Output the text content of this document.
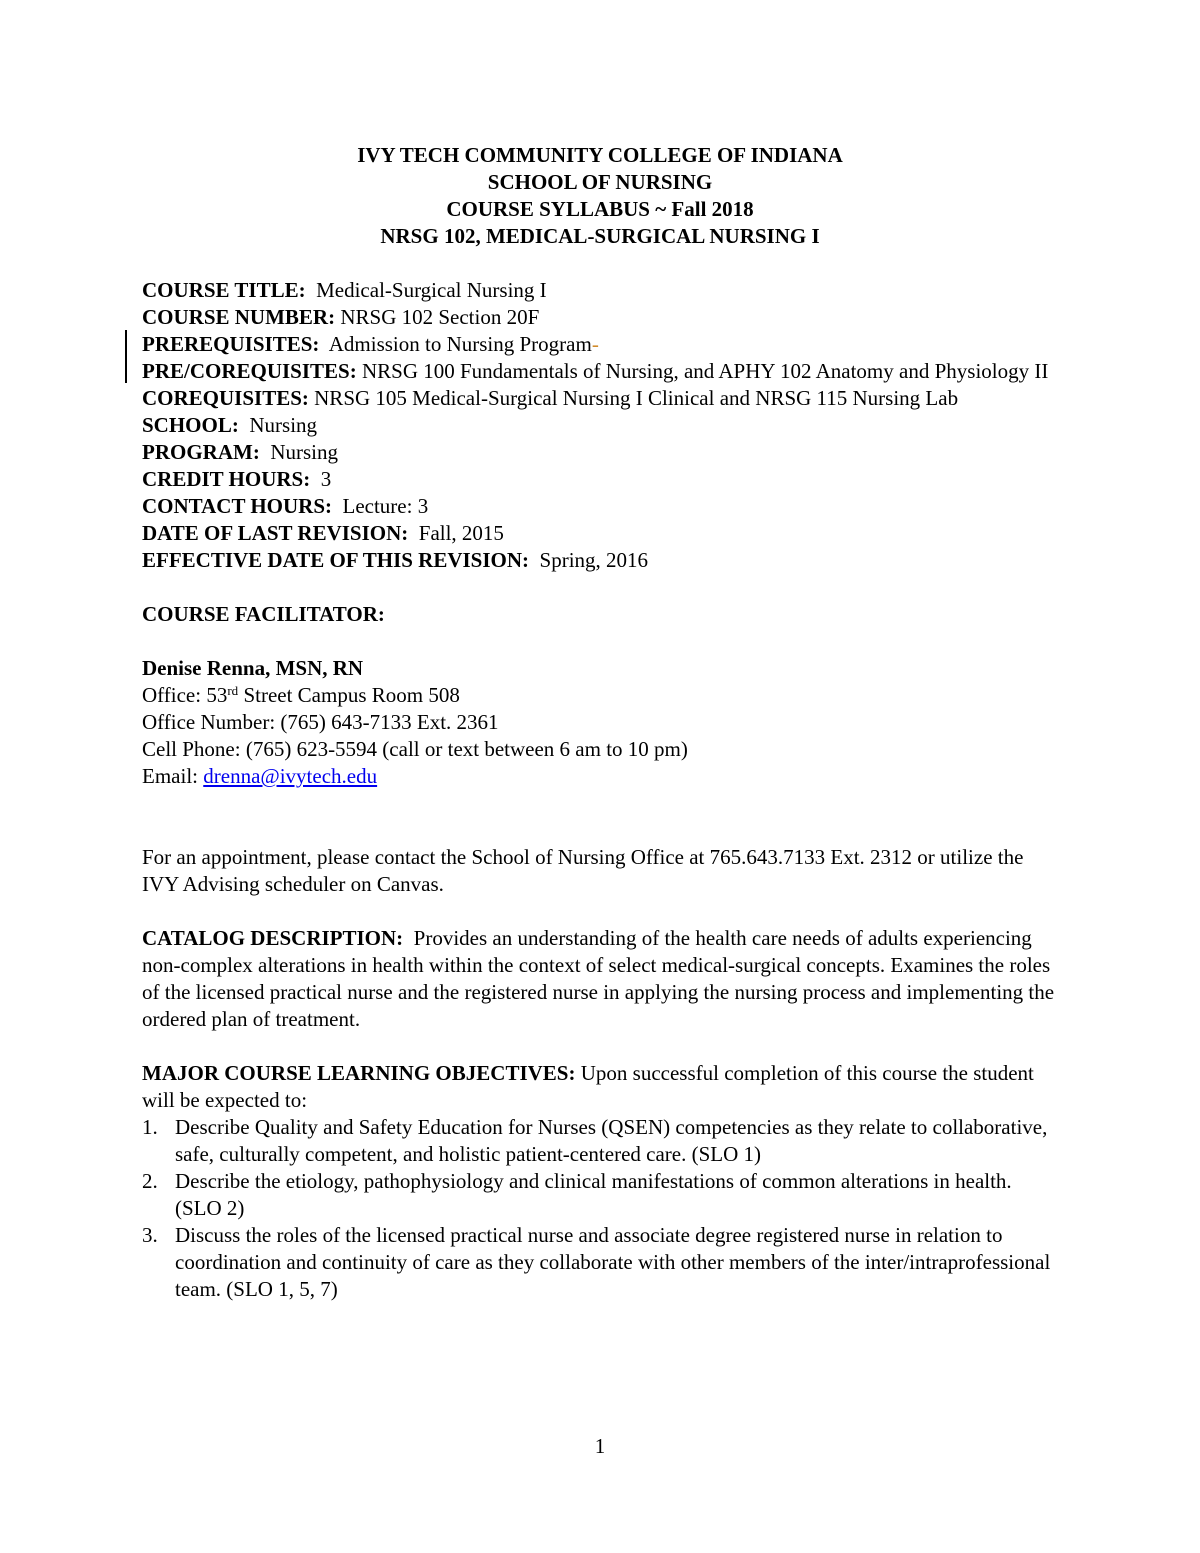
IVY TECH COMMUNITY COLLEGE OF INDIANA
SCHOOL OF NURSING
COURSE SYLLABUS ~ Fall 2018
NRSG 102, MEDICAL-SURGICAL NURSING I
COURSE TITLE: Medical-Surgical Nursing I
COURSE NUMBER: NRSG 102 Section 20F
PREREQUISITES: Admission to Nursing Program-
PRE/COREQUISITES: NRSG 100 Fundamentals of Nursing, and APHY 102 Anatomy and Physiology II
COREQUISITES: NRSG 105 Medical-Surgical Nursing I Clinical and NRSG 115 Nursing Lab
SCHOOL: Nursing
PROGRAM: Nursing
CREDIT HOURS: 3
CONTACT HOURS: Lecture: 3
DATE OF LAST REVISION: Fall, 2015
EFFECTIVE DATE OF THIS REVISION: Spring, 2016
COURSE FACILITATOR:
Denise Renna, MSN, RN
Office: 53rd Street Campus Room 508
Office Number: (765) 643-7133 Ext. 2361
Cell Phone: (765) 623-5594 (call or text between 6 am to 10 pm)
Email: drenna@ivytech.edu
For an appointment, please contact the School of Nursing Office at 765.643.7133 Ext. 2312 or utilize the IVY Advising scheduler on Canvas.
CATALOG DESCRIPTION: Provides an understanding of the health care needs of adults experiencing non-complex alterations in health within the context of select medical-surgical concepts. Examines the roles of the licensed practical nurse and the registered nurse in applying the nursing process and implementing the ordered plan of treatment.
MAJOR COURSE LEARNING OBJECTIVES: Upon successful completion of this course the student will be expected to:
1. Describe Quality and Safety Education for Nurses (QSEN) competencies as they relate to collaborative, safe, culturally competent, and holistic patient-centered care. (SLO 1)
2. Describe the etiology, pathophysiology and clinical manifestations of common alterations in health. (SLO 2)
3. Discuss the roles of the licensed practical nurse and associate degree registered nurse in relation to coordination and continuity of care as they collaborate with other members of the inter/intraprofessional team. (SLO 1, 5, 7)
1
